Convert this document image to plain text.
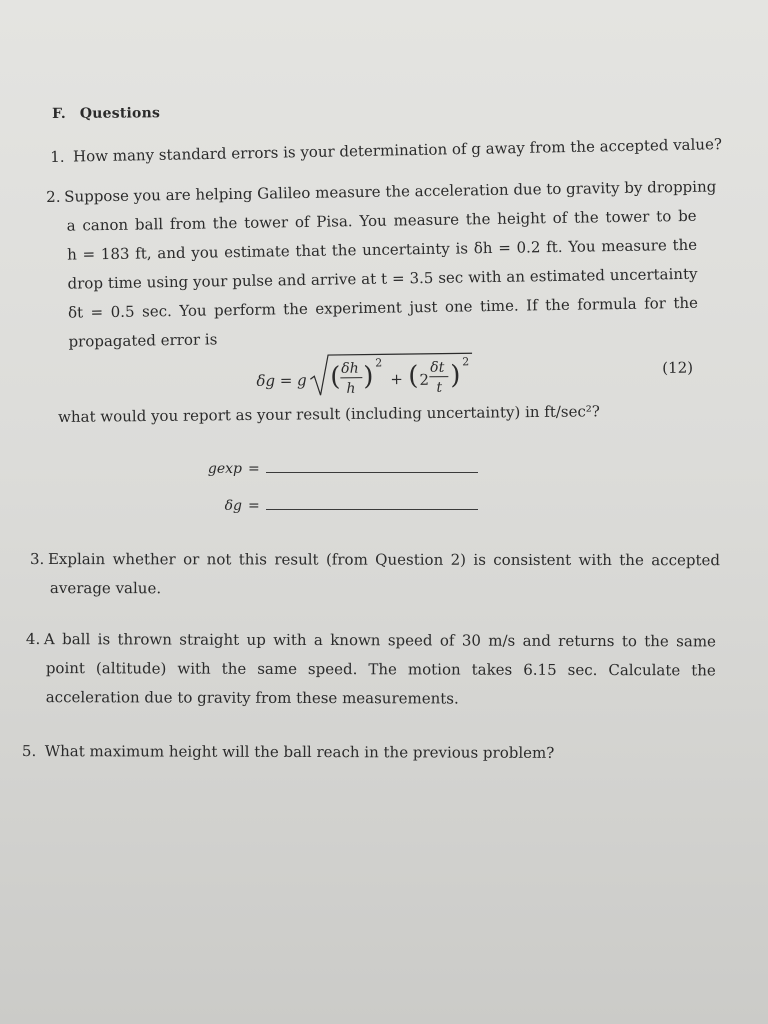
F. Questions
1. How many standard errors is your determination of g away from the accepted value?
2. Suppose you are helping Galileo measure the acceleration due to gravity by dropping
a canon ball from the tower of Pisa. You measure the height of the tower to be
h = 183 ft, and you estimate that the uncertainty is δh = 0.2 ft. You measure the
drop time using your pulse and arrive at t = 3.5 sec with an estimated uncertainty
δt = 0.5 sec. You perform the experiment just one time. If the formula for the
propagated error is
δg = g ( δh
h ) 2
+ ( 2
δt
t ) 2	(12)
what would you report as your result (including uncertainty) in ft/sec²?
gexp =
δg =
3. Explain whether or not this result (from Question 2) is consistent with the accepted
average value.
4. A ball is thrown straight up with a known speed of 30 m/s and returns to the same
point (altitude) with the same speed. The motion takes 6.15 sec. Calculate the
acceleration due to gravity from these measurements.
5. What maximum height will the ball reach in the previous problem?
